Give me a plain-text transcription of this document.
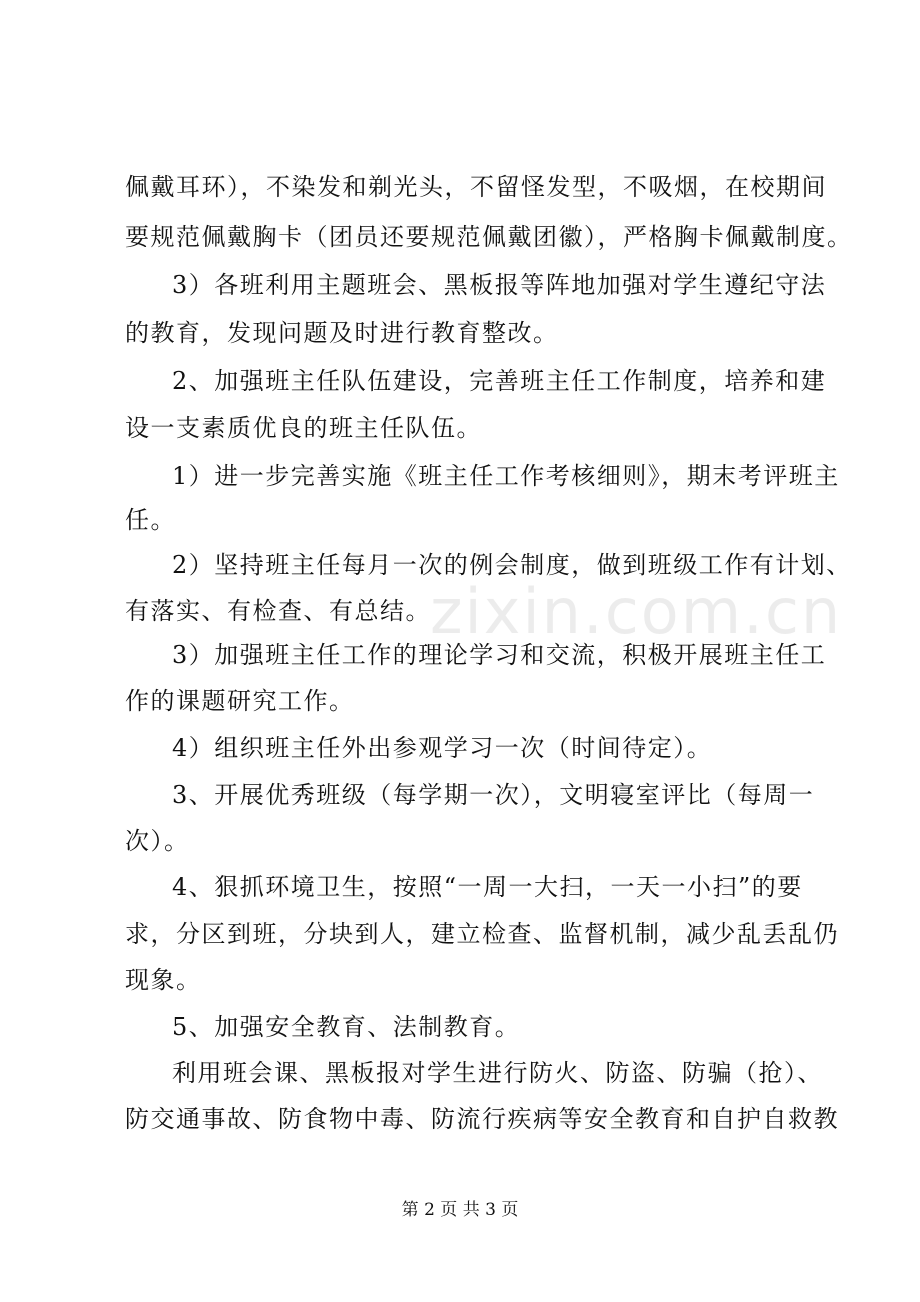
佩戴耳环），不染发和剃光头，不留怪发型，不吸烟，在校期间
要规范佩戴胸卡（团员还要规范佩戴团徽），严格胸卡佩戴制度。
3）各班利用主题班会、黑板报等阵地加强对学生遵纪守法
的教育，发现问题及时进行教育整改。
2、加强班主任队伍建设，完善班主任工作制度，培养和建
设一支素质优良的班主任队伍。
1）进一步完善实施《班主任工作考核细则》，期末考评班主
任。
2）坚持班主任每月一次的例会制度，做到班级工作有计划、
有落实、有检查、有总结。
3）加强班主任工作的理论学习和交流，积极开展班主任工
作的课题研究工作。
4）组织班主任外出参观学习一次（时间待定）。
3、开展优秀班级（每学期一次），文明寝室评比（每周一
次）。
4、狠抓环境卫生，按照“一周一大扫，一天一小扫”的要
求，分区到班，分块到人，建立检查、监督机制，减少乱丢乱仍
现象。
5、加强安全教育、法制教育。
利用班会课、黑板报对学生进行防火、防盗、防骗（抢）、
防交通事故、防食物中毒、防流行疾病等安全教育和自护自救教
zixin.com.cn
第 2 页 共 3 页
